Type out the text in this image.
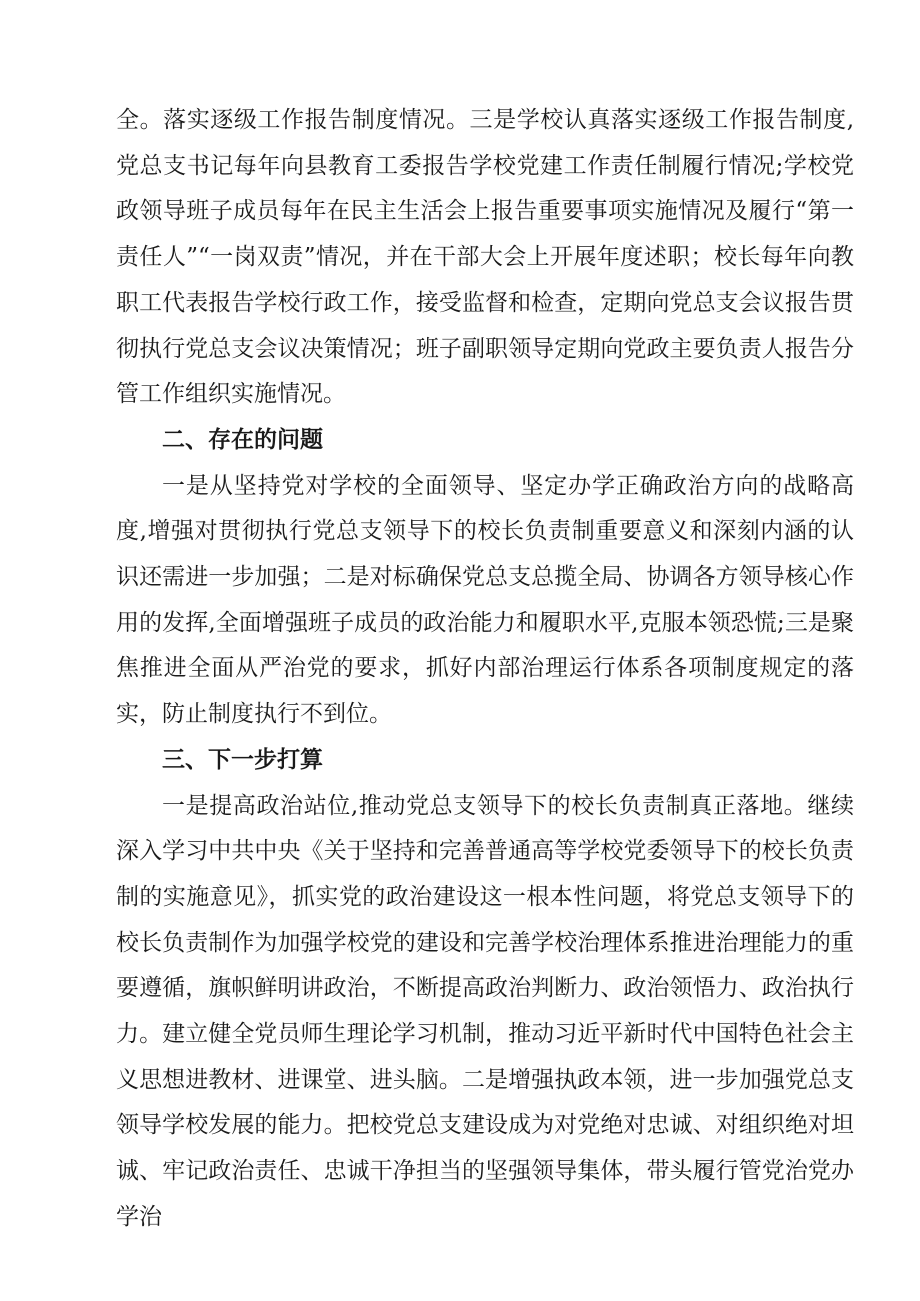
全。落实逐级工作报告制度情况。三是学校认真落实逐级工作报告制度,党总支书记每年向县教育工委报告学校党建工作责任制履行情况;学校党政领导班子成员每年在民主生活会上报告重要事项实施情况及履行“第一责任人”“一岗双责”情况，并在干部大会上开展年度述职；校长每年向教职工代表报告学校行政工作，接受监督和检查，定期向党总支会议报告贯彻执行党总支会议决策情况；班子副职领导定期向党政主要负责人报告分管工作组织实施情况。

二、存在的问题

一是从坚持党对学校的全面领导、坚定办学正确政治方向的战略高度,增强对贯彻执行党总支领导下的校长负责制重要意义和深刻内涵的认识还需进一步加强；二是对标确保党总支总揽全局、协调各方领导核心作用的发挥,全面增强班子成员的政治能力和履职水平,克服本领恐慌;三是聚焦推进全面从严治党的要求，抓好内部治理运行体系各项制度规定的落实，防止制度执行不到位。

三、下一步打算

一是提高政治站位,推动党总支领导下的校长负责制真正落地。继续深入学习中共中央《关于坚持和完善普通高等学校党委领导下的校长负责制的实施意见》，抓实党的政治建设这一根本性问题，将党总支领导下的校长负责制作为加强学校党的建设和完善学校治理体系推进治理能力的重要遵循，旗帜鲜明讲政治，不断提高政治判断力、政治领悟力、政治执行力。建立健全党员师生理论学习机制，推动习近平新时代中国特色社会主义思想进教材、进课堂、进头脑。二是增强执政本领，进一步加强党总支领导学校发展的能力。把校党总支建设成为对党绝对忠诚、对组织绝对坦诚、牢记政治责任、忠诚干净担当的坚强领导集体，带头履行管党治党办学治
